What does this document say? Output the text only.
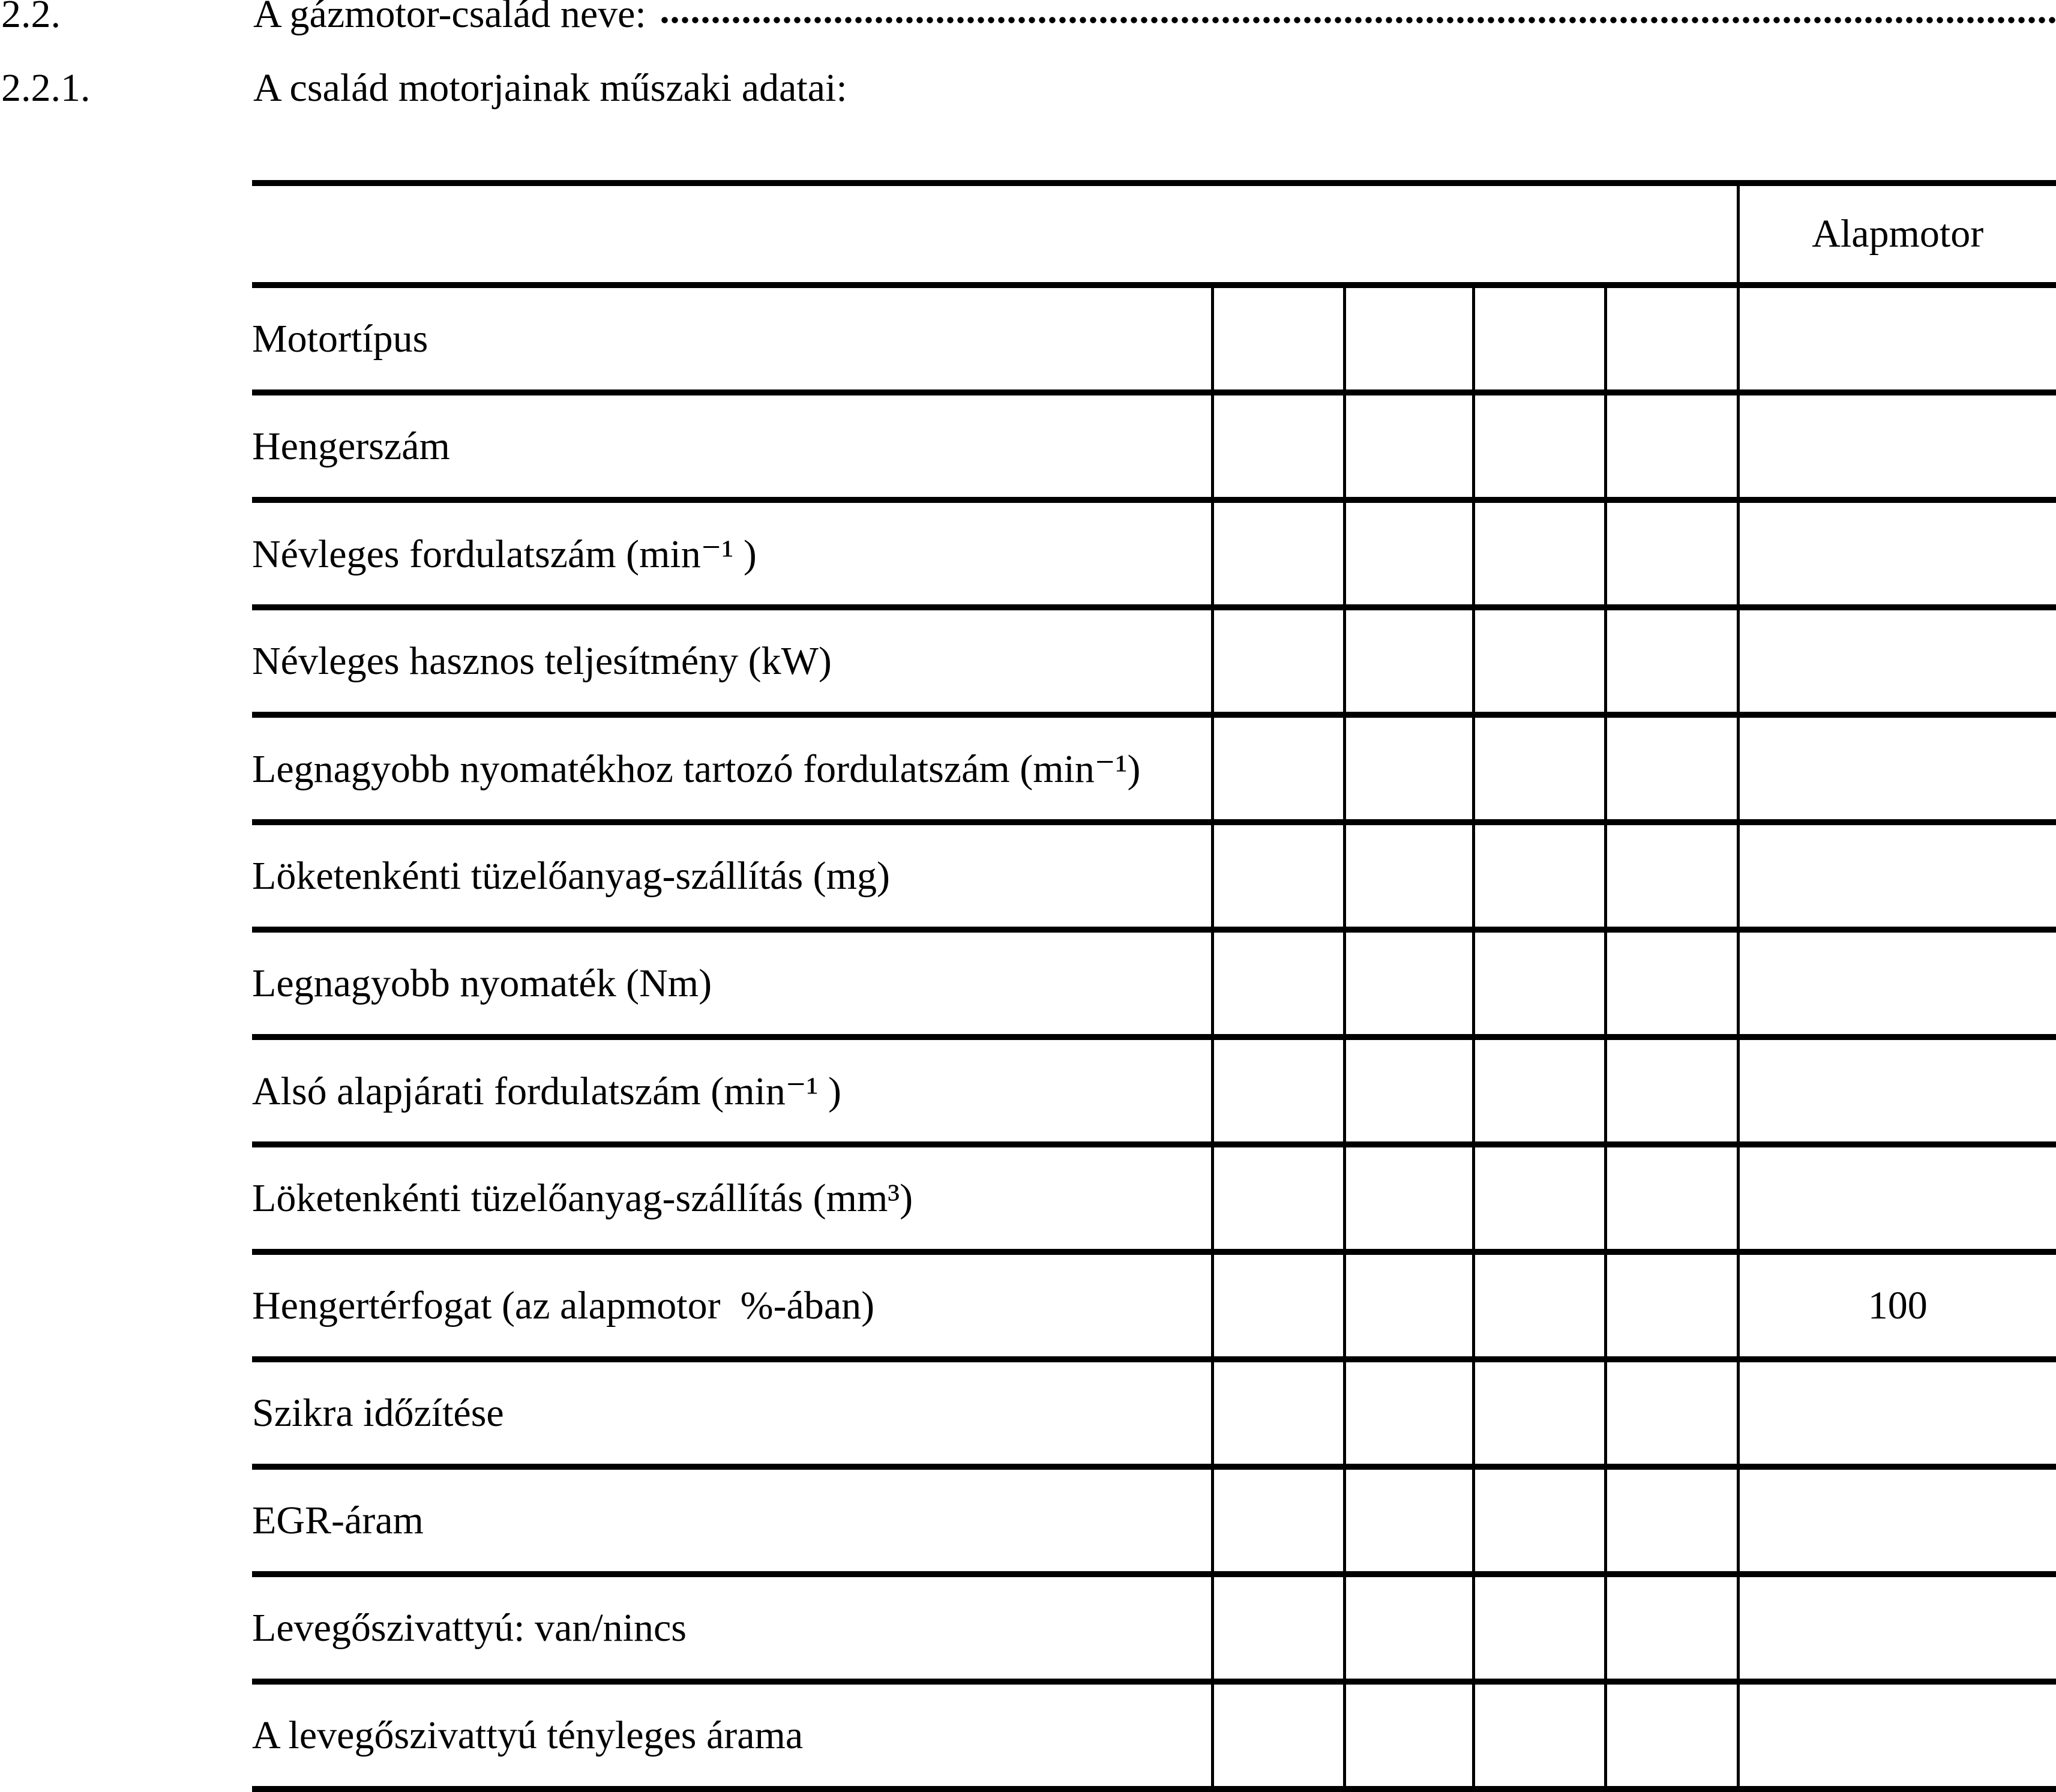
2.2.	A gázmotor-család neve:
2.2.1.	A család motorjainak műszaki adatai:
					Alapmotor
Motortípus					
Hengerszám					
Névleges fordulatszám (min⁻¹ )					
Névleges hasznos teljesítmény (kW)					
Legnagyobb nyomatékhoz tartozó fordulatszám (min⁻¹)					
Löketenkénti tüzelőanyag-szállítás (mg)					
Legnagyobb nyomaték (Nm)					
Alsó alapjárati fordulatszám (min⁻¹ )					
Löketenkénti tüzelőanyag-szállítás (mm³)					
Hengertérfogat (az alapmotor  %-ában)					100
Szikra időzítése					
EGR-áram					
Levegőszivattyú: van/nincs					
A levegőszivattyú tényleges árama					
